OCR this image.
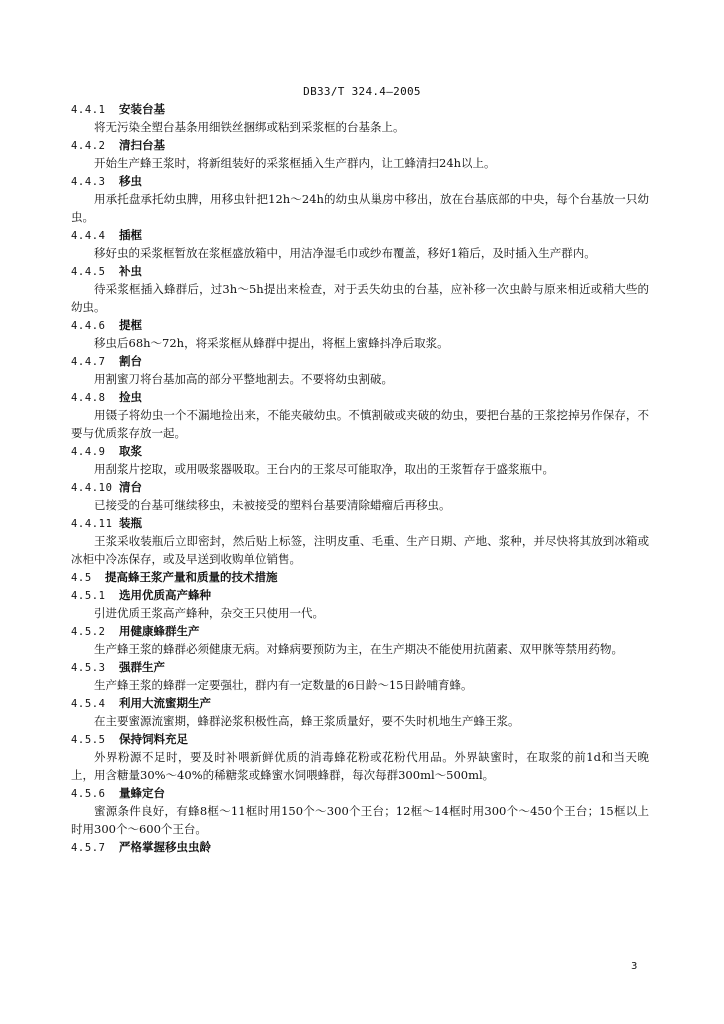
DB33/T 324.4—2005
4.4.1 安装台基
将无污染全塑台基条用细铁丝捆绑或粘到采浆框的台基条上。
4.4.2 清扫台基
开始生产蜂王浆时，将新组装好的采浆框插入生产群内，让工蜂清扫24h以上。
4.4.3 移虫
用承托盘承托幼虫脾，用移虫针把12h～24h的幼虫从巢房中移出，放在台基底部的中央，每个台基放一只幼虫。
4.4.4 插框
移好虫的采浆框暂放在浆框盛放箱中，用洁净湿毛巾或纱布覆盖，移好1箱后，及时插入生产群内。
4.4.5 补虫
待采浆框插入蜂群后，过3h～5h提出来检查，对于丢失幼虫的台基，应补移一次虫龄与原来相近或稍大些的幼虫。
4.4.6 提框
移虫后68h～72h，将采浆框从蜂群中提出，将框上蜜蜂抖净后取浆。
4.4.7 割台
用割蜜刀将台基加高的部分平整地割去。不要将幼虫割破。
4.4.8 捡虫
用镊子将幼虫一个不漏地捡出来，不能夹破幼虫。不慎割破或夹破的幼虫，要把台基的王浆挖掉另作保存，不要与优质浆存放一起。
4.4.9 取浆
用刮浆片挖取，或用吸浆器吸取。王台内的王浆尽可能取净，取出的王浆暂存于盛浆瓶中。
4.4.10 清台
已接受的台基可继续移虫，未被接受的塑料台基要清除蜡瘤后再移虫。
4.4.11 装瓶
王浆采收装瓶后立即密封，然后贴上标签，注明皮重、毛重、生产日期、产地、浆种，并尽快将其放到冰箱或冰柜中冷冻保存，或及早送到收购单位销售。
4.5 提高蜂王浆产量和质量的技术措施
4.5.1 选用优质高产蜂种
引进优质王浆高产蜂种，杂交王只使用一代。
4.5.2 用健康蜂群生产
生产蜂王浆的蜂群必须健康无病。对蜂病要预防为主，在生产期决不能使用抗菌素、双甲脒等禁用药物。
4.5.3 强群生产
生产蜂王浆的蜂群一定要强壮，群内有一定数量的6日龄～15日龄哺育蜂。
4.5.4 利用大流蜜期生产
在主要蜜源流蜜期，蜂群泌浆积极性高，蜂王浆质量好，要不失时机地生产蜂王浆。
4.5.5 保持饲料充足
外界粉源不足时，要及时补喂新鲜优质的消毒蜂花粉或花粉代用品。外界缺蜜时，在取浆的前1d和当天晚上，用含糖量30%～40%的稀糖浆或蜂蜜水饲喂蜂群，每次每群300ml～500ml。
4.5.6 量蜂定台
蜜源条件良好，有蜂8框～11框时用150个～300个王台；12框～14框时用300个～450个王台；15框以上时用300个～600个王台。
4.5.7 严格掌握移虫虫龄
3
